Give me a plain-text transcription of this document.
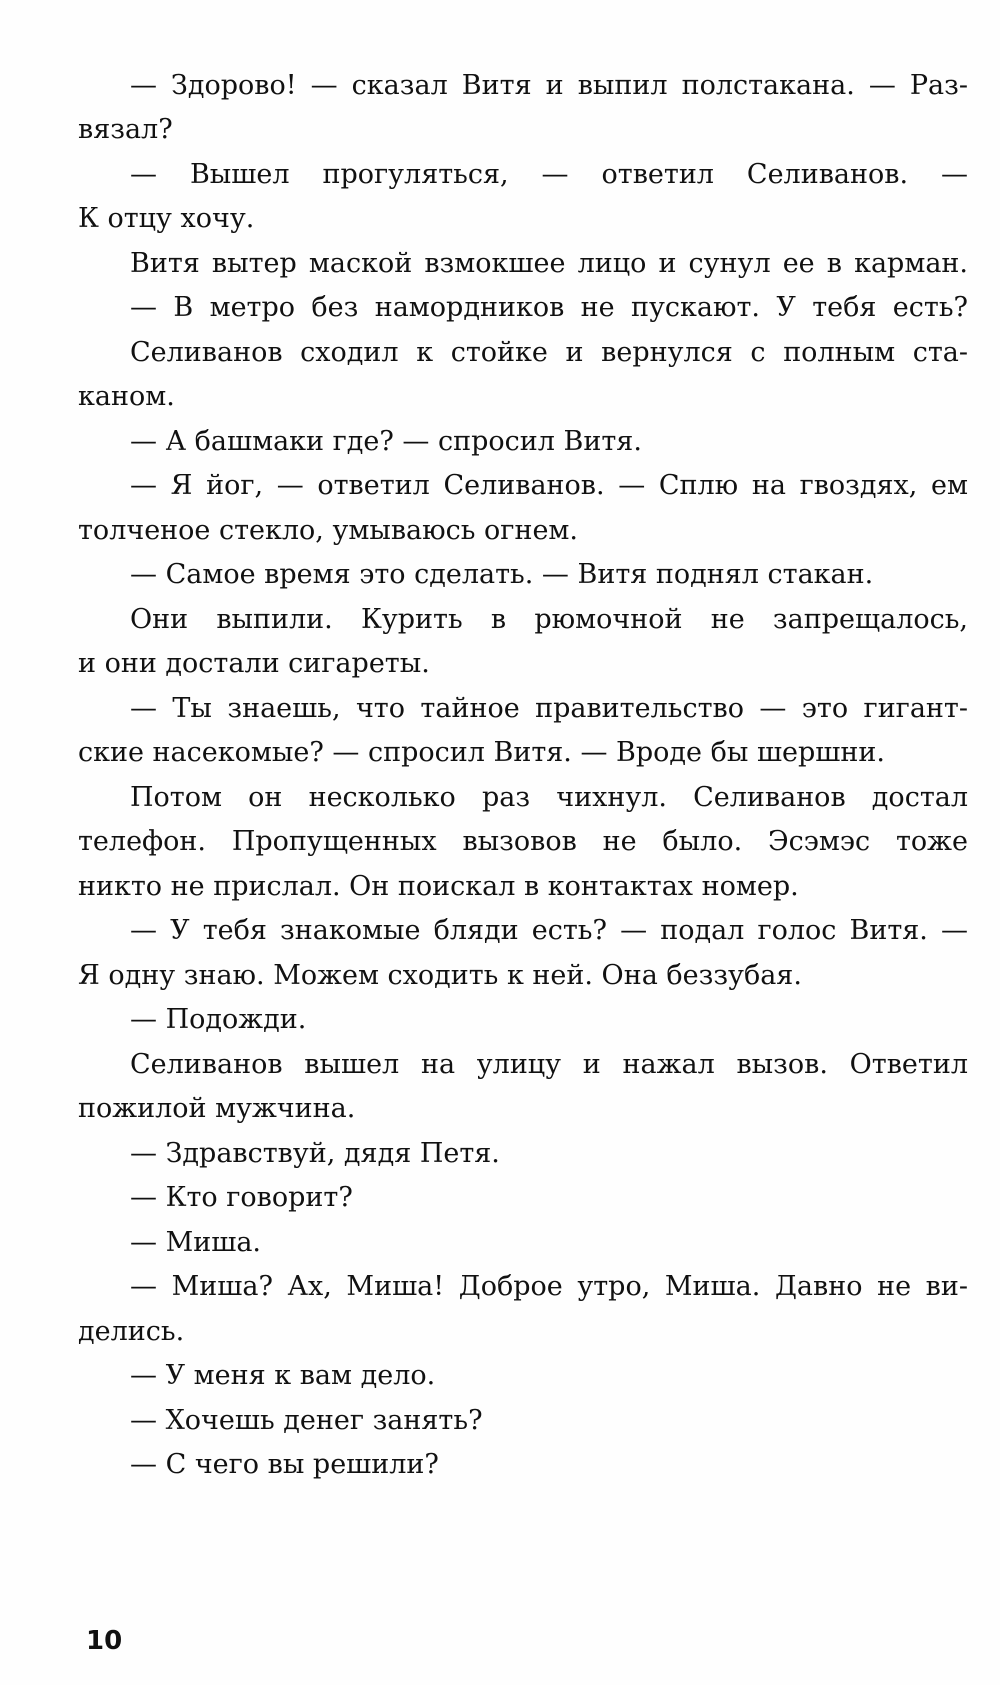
— Здорово! — сказал Витя и выпил полстакана. — Раз-
вязал?
— Вышел прогуляться, — ответил Селиванов. —
К отцу хочу.
Витя вытер маской взмокшее лицо и сунул ее в карман.
— В метро без намордников не пускают. У тебя есть?
Селиванов сходил к стойке и вернулся с полным ста-
каном.
— А башмаки где? — спросил Витя.
— Я йог, — ответил Селиванов. — Сплю на гвоздях, ем
толченое стекло, умываюсь огнем.
— Самое время это сделать. — Витя поднял стакан.
Они выпили. Курить в рюмочной не запрещалось,
и они достали сигареты.
— Ты знаешь, что тайное правительство — это гигант-
ские насекомые? — спросил Витя. — Вроде бы шершни.
Потом он несколько раз чихнул. Селиванов достал
телефон. Пропущенных вызовов не было. Эсэмэс тоже
никто не прислал. Он поискал в контактах номер.
— У тебя знакомые бляди есть? — подал голос Витя. —
Я одну знаю. Можем сходить к ней. Она беззубая.
— Подожди.
Селиванов вышел на улицу и нажал вызов. Ответил
пожилой мужчина.
— Здравствуй, дядя Петя.
— Кто говорит?
— Миша.
— Миша? Ах, Миша! Доброе утро, Миша. Давно не ви-
делись.
— У меня к вам дело.
— Хочешь денег занять?
— С чего вы решили?
10
